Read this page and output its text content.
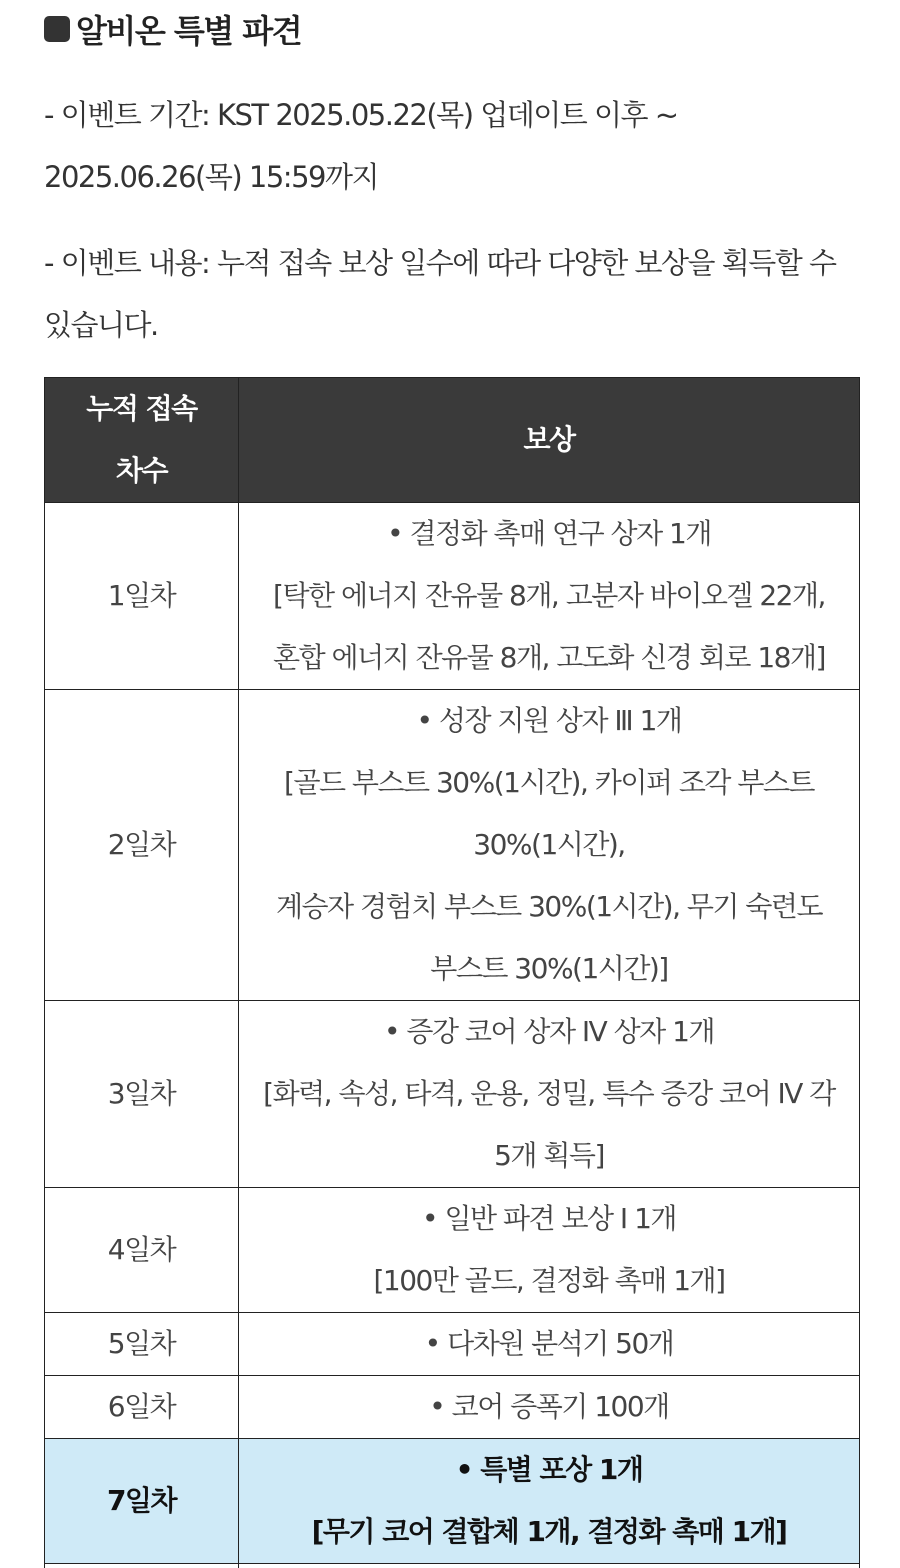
알비온 특별 파견
- 이벤트 기간: KST 2025.05.22(목) 업데이트 이후 ~ 2025.06.26(목) 15:59까지
- 이벤트 내용: 누적 접속 보상 일수에 따라 다양한 보상을 획득할 수 있습니다.
누적 접속
차수	보상
1일차	• 결정화 촉매 연구 상자 1개
[탁한 에너지 잔유물 8개, 고분자 바이오겔 22개,
혼합 에너지 잔유물 8개, 고도화 신경 회로 18개]

2일차	• 성장 지원 상자 Ⅲ 1개
[골드 부스트 30%(1시간), 카이퍼 조각 부스트
30%(1시간),
계승자 경험치 부스트 30%(1시간), 무기 숙련도
부스트 30%(1시간)]

3일차	• 증강 코어 상자 Ⅳ 상자 1개
[화력, 속성, 타격, 운용, 정밀, 특수 증강 코어 Ⅳ 각
5개 획득]

4일차	• 일반 파견 보상 Ⅰ 1개
[100만 골드, 결정화 촉매 1개]

5일차	• 다차원 분석기 50개

6일차	• 코어 증폭기 100개

7일차	• 특별 포상 1개
[무기 코어 결합체 1개, 결정화 촉매 1개]
